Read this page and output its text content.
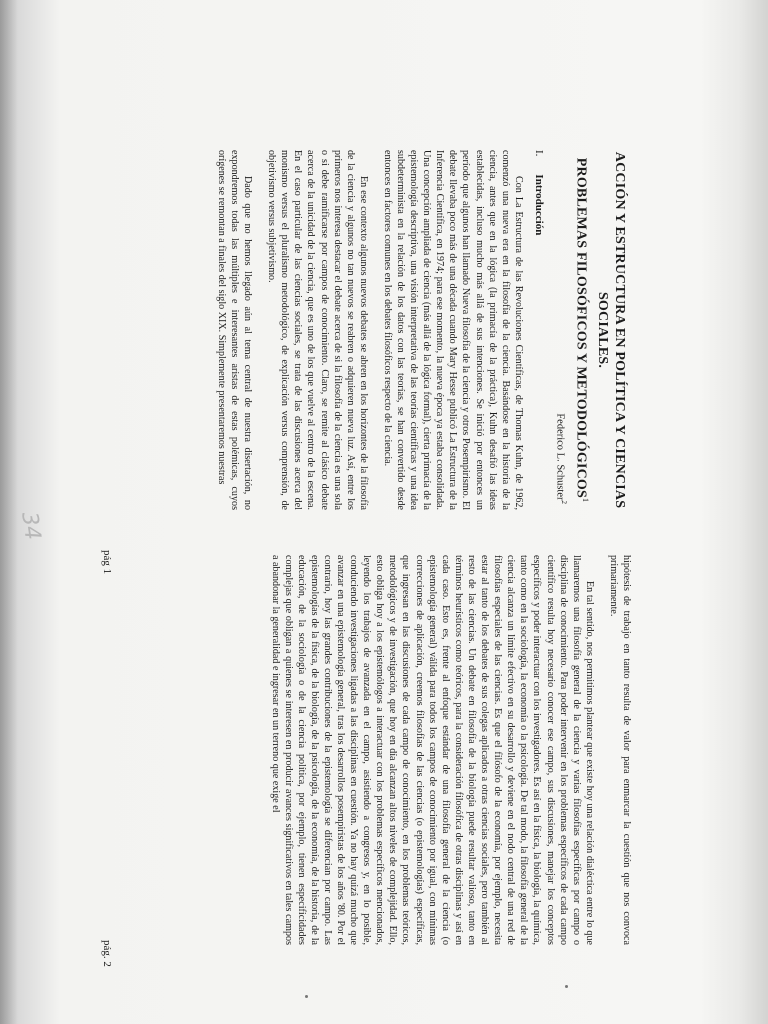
ACCIÓN Y ESTRUCTURA EN POLÍTICA Y CIENCIAS SOCIALES.
PROBLEMAS FILOSÓFICOS Y METODOLÓGICOS$^1$
Federico L. Schuster$^2$
I.
Introducción

Con La Estructura de las Revoluciones Científicas, de Thomas Kuhn, de 1962, comenzó una nueva era en la filosofía de la ciencia. Basándose en la historia de la ciencia, antes que en la lógica (la primacía de la práctica), Kuhn desafió las ideas establecidas, incluso mucho más allá de sus intenciones. Se inició por entonces un período que algunos han llamado Nueva filosofía de la ciencia y otros Posempirismo. El debate llevaba poco más de una década cuando Mary Hesse publicó La Estructura de la Inferencia Científica, en 1974; para ese momento, la nueva época ya estaba consolidada. Una concepción ampliada de ciencia (más allá de la lógica formal), cierta primacía de la epistemología descriptiva, una visión interpretativa de las teorías científicas y una idea subdeterminista en la relación de los datos con las teorías, se han convertido desde entonces en factores comunes en los debates filosóficos respecto de la ciencia.

En ese contexto algunos nuevos debates se abren en los horizontes de la filosofía de la ciencia y algunos no tan nuevos se reabren o adquieren nueva luz. Así, entre los primeros nos interesa destacar el debate acerca de si la filosofía de la ciencia es una sola o si debe ramificarse por campos de conocimiento. Claro, se remite al clásico debate acerca de la unicidad de la ciencia, que es uno de los que vuelve al centro de la escena. En el caso particular de las ciencias sociales, se trata de las discusiones acerca del monismo versus el pluralismo metodológico, de explicación versus comprensión, de objetivismo versus subjetivismo.

Dado que no hemos llegado aún al tema central de nuestra disertación, no expondremos todas las múltiples e interesantes aristas de estas polémicas, cuyos orígenes se remontan a finales del siglo XIX. Simplemente presentaremos nuestras

pág 1	hipótesis de trabajo en tanto resulta de valor para enmarcar la cuestión que nos convoca primariamente.

En tal sentido, nos permitimos plantear que existe hoy una relación dialéctica entre lo que llamaremos una filosofía general de la ciencia y varias filosofías específicas por campo o disciplina de conocimiento. Para poder intervenir en los problemas específicos de cada campo científico resulta hoy necesario conocer ese campo, sus discusiones, manejar los conceptos específicos y poder interactuar con los investigadores. Es así en la física, la biología, la química, tanto como en la sociología, la economía o la psicología. De tal modo, la filosofía general de la ciencia alcanza un límite efectivo en su desarrollo y deviene en el nodo central de una red de filosofías especiales de las ciencias. Es que el filósofo de la economía, por ejemplo, necesita estar al tanto de los debates de sus colegas aplicados a otras ciencias sociales, pero también al resto de las ciencias. Un debate en filosofía de la biología puede resultar valioso, tanto en términos heurísticos como teóricos, para la consideración filosófica de otras disciplinas y así en cada caso. Esto es, frente al enfoque estándar de una filosofía general de la ciencia (o epistemología general) válida para todos los campos de conocimiento por igual, con mínimas correcciones de aplicación, creemos filosofías de las ciencias (o epistemologías) específicas, que ingresan en las discusiones de cada campo de conocimiento, en los problemas teóricos, metodológicos y de investigación, que hoy en día alcanzan altos niveles de complejidad. Ello, esto obliga hoy a los epistemólogos a interactuar con los problemas específicos mencionados, leyendo los trabajos de avanzada en el campo, asistiendo a congresos y, en lo posible, conduciendo investigaciones ligadas a las disciplinas en cuestión. Ya no hay quizá mucho que avanzar en una epistemología general, tras los desarrollos posempiristas de los años '80. Por el contrario, hoy las grandes contribuciones de la epistemología se diferencian por campo. Las epistemologías de la física, de la biología, de la psicología, de la economía, de la historia, de la educación, de la sociología o de la ciencia política, por ejemplo, tienen especificidades complejas que obligan a quienes se interesen en producir avances significativos en tales campos a abandonar la generalidad e ingresar en un terreno que exige el

pág. 2
34
